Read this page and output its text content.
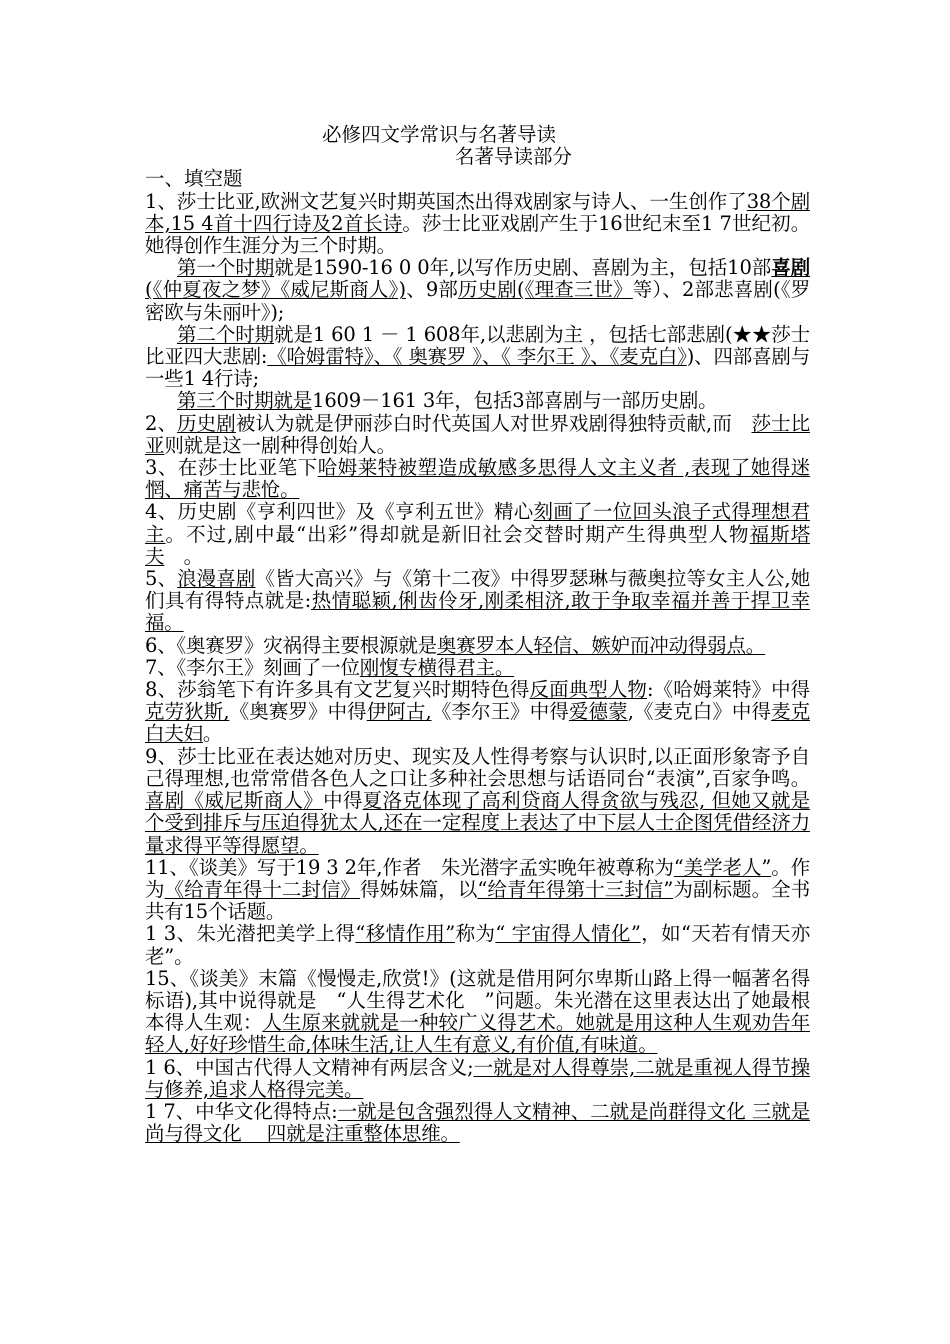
必修四文学常识与名著导读
名著导读部分
一、填空题

1、莎士比亚,欧洲文艺复兴时期英国杰出得戏剧家与诗人、一生创作了38个剧本,15 4首十四行诗及2首长诗。莎士比亚戏剧产生于16世纪末至1 7世纪初。她得创作生涯分为三个时期。

第一个时期就是1590-16 0 0年,以写作历史剧、喜剧为主，包括10部喜剧(《仲夏夜之梦》《威尼斯商人》)、9部历史剧(《理查三世》等）、2部悲喜剧(《罗密欧与朱丽叶》);

第二个时期就是1 60 1 － 1 608年,以悲剧为主 ，包括七部悲剧(★★莎士比亚四大悲剧:《哈姆雷特》、《 奥赛罗 》、《 李尔王 》、《麦克白》)、四部喜剧与一些1 4行诗;

第三个时期就是1609－161 3年，包括3部喜剧与一部历史剧。

2、历史剧被认为就是伊丽莎白时代英国人对世界戏剧得独特贡献,而　莎士比亚则就是这一剧种得创始人。

3、在莎士比亚笔下哈姆莱特被塑造成敏感多思得人文主义者 ,表现了她得迷惘、痛苦与悲怆。

4、历史剧《亨利四世》及《亨利五世》精心刻画了一位回头浪子式得理想君主。不过,剧中最“出彩”得却就是新旧社会交替时期产生得典型人物福斯塔夫　。

5、浪漫喜剧《皆大高兴》与《第十二夜》中得罗瑟琳与薇奥拉等女主人公,她们具有得特点就是:热情聪颖,俐齿伶牙,刚柔相济,敢于争取幸福并善于捍卫幸福。

6、《奥赛罗》灾祸得主要根源就是奥赛罗本人轻信、嫉妒而冲动得弱点。

7、《李尔王》刻画了一位刚愎专横得君主。

8、莎翁笔下有许多具有文艺复兴时期特色得反面典型人物:《哈姆莱特》中得 克劳狄斯,《奥赛罗》中得伊阿古,《李尔王》中得爱德蒙,《麦克白》中得麦克白夫妇。

9、莎士比亚在表达她对历史、现实及人性得考察与认识时,以正面形象寄予自己得理想,也常常借各色人之口让多种社会思想与话语同台“表演”,百家争鸣。喜剧《威尼斯商人》中得夏洛克体现了高利贷商人得贪欲与残忍, 但她又就是个受到排斥与压迫得犹太人,还在一定程度上表达了中下层人士企图凭借经济力量求得平等得愿望。

11、《谈美》写于19 3 2年,作者　朱光潜字孟实晚年被尊称为“美学老人”。作为《给青年得十二封信》得姊妹篇，以“给青年得第十三封信”为副标题。全书共有15个话题。

1 3、朱光潜把美学上得“移情作用”称为“ 宇宙得人情化”，如“天若有情天亦老”。

15、《谈美》末篇《慢慢走,欣赏!》(这就是借用阿尔卑斯山路上得一幅著名得标语),其中说得就是　“人生得艺术化　”问题。朱光潜在这里表达出了她最根本得人生观：人生原来就就是一种较广义得艺术。她就是用这种人生观劝告年轻人,好好珍惜生命,体味生活,让人生有意义,有价值,有味道。

1 6、中国古代得人文精神有两层含义;一就是对人得尊崇,二就是重视人得节操与修养,追求人格得完美。

1 7、中华文化得特点:一就是包含强烈得人文精神、二就是尚群得文化 三就是尚与得文化　 四就是注重整体思维。
